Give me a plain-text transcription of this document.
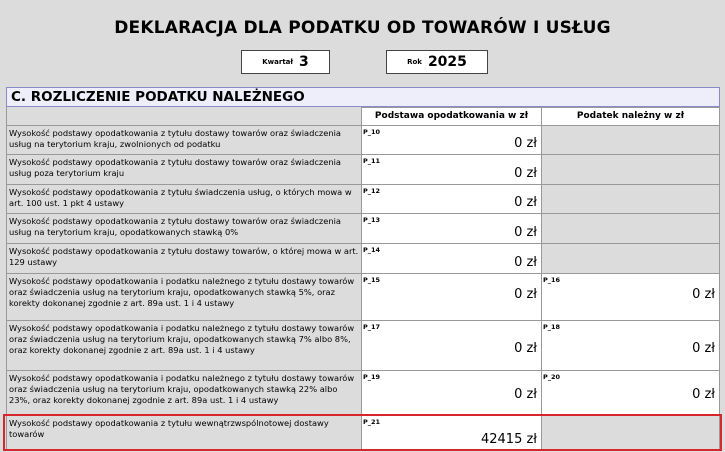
DEKLARACJA DLA PODATKU OD TOWARÓW I USŁUG
Kwartał 3	Rok 2025
C. ROZLICZENIE PODATKU NALEŻNEGO
Podstawa opodatkowania w zł	Podatek należny w zł
Wysokość podstawy opodatkowania z tytułu dostawy towarów oraz świadczenia usług na terytorium kraju, zwolnionych od podatku
P_10
0 zł
Wysokość podstawy opodatkowania z tytułu dostawy towarów oraz świadczenia usług poza terytorium kraju
P_11
0 zł
Wysokość podstawy opodatkowania z tytułu świadczenia usług, o których mowa w art. 100 ust. 1 pkt 4 ustawy
P_12
0 zł
Wysokość podstawy opodatkowania z tytułu dostawy towarów oraz świadczenia usług na terytorium kraju, opodatkowanych stawką 0%
P_13
0 zł
Wysokość podstawy opodatkowania z tytułu dostawy towarów, o której mowa w art. 129 ustawy
P_14
0 zł
Wysokość podstawy opodatkowania i podatku należnego z tytułu dostawy towarów oraz świadczenia usług na terytorium kraju, opodatkowanych stawką 5%, oraz korekty dokonanej zgodnie z art. 89a ust. 1 i 4 ustawy
P_15
0 zł
P_16
0 zł
Wysokość podstawy opodatkowania i podatku należnego z tytułu dostawy towarów oraz świadczenia usług na terytorium kraju, opodatkowanych stawką 7% albo 8%, oraz korekty dokonanej zgodnie z art. 89a ust. 1 i 4 ustawy
P_17
0 zł
P_18
0 zł
Wysokość podstawy opodatkowania i podatku należnego z tytułu dostawy towarów oraz świadczenia usług na terytorium kraju, opodatkowanych stawką 22% albo 23%, oraz korekty dokonanej zgodnie z art. 89a ust. 1 i 4 ustawy
P_19
0 zł
P_20
0 zł
Wysokość podstawy opodatkowania z tytułu wewnątrzwspólnotowej dostawy towarów
P_21
42415 zł
